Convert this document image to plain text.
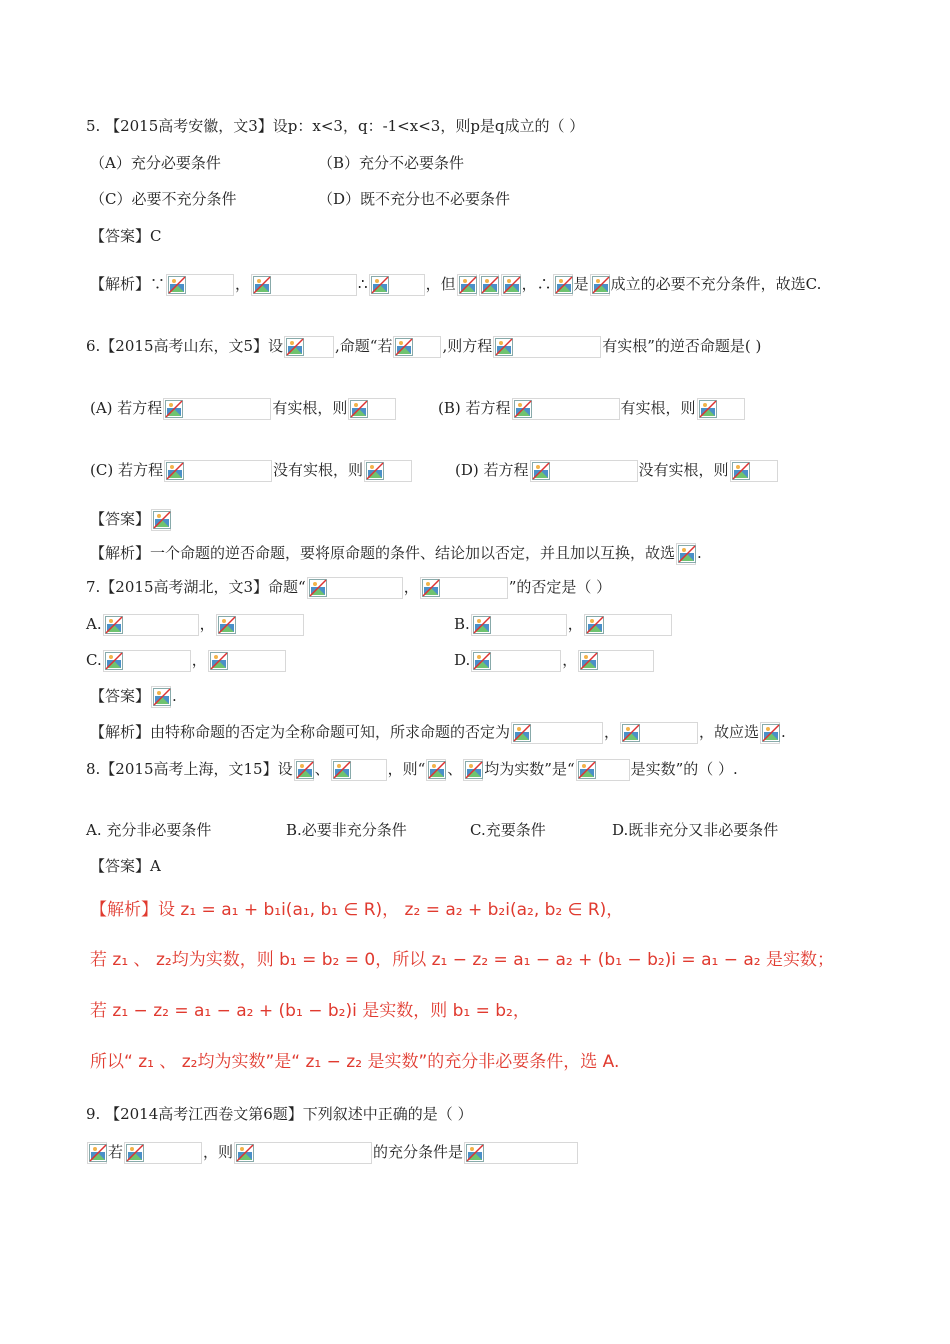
5. 【2015高考安徽，文3】设p：x<3，q：-1<x<3，则p是q成立的（ ）
（A）充分必要条件	（B）充分不必要条件
（C）必要不充分条件	（D）既不充分也不必要条件
【答案】C
【解析】∵	，	∴	，但	，∴ 是 成立的必要不充分条件，故选C.
6.【2015高考山东，文5】设	,命题“若	,则方程	有实根”的逆否命题是( )
(A) 若方程	有实根，则	(B) 若方程	有实根，则
(C) 若方程	没有实根，则	(D) 若方程	没有实根，则
【答案】
【解析】一个命题的逆否命题，要将原命题的条件、结论加以否定，并且加以互换，故选 .
7.【2015高考湖北，文3】命题“	，	”的否定是（ ）
A.	，	B.	，
C.	，	D.	，
【答案】 .
【解析】由特称命题的否定为全称命题可知，所求命题的否定为	，	，故应选 .
8.【2015高考上海，文15】设 、	，则“ 、 均为实数”是“	是实数”的（ ）.
A. 充分非必要条件	B.必要非充分条件	C.充要条件	D.既非充分又非必要条件
【答案】A
【解析】设 z₁ = a₁ + b₁i(a₁, b₁ ∈ R)， z₂ = a₂ + b₂i(a₂, b₂ ∈ R)，
若 z₁ 、 z₂均为实数，则 b₁ = b₂ = 0，所以 z₁ − z₂ = a₁ − a₂ + (b₁ − b₂)i = a₁ − a₂ 是实数；
若 z₁ − z₂ = a₁ − a₂ + (b₁ − b₂)i 是实数，则 b₁ = b₂，
所以“ z₁ 、 z₂均为实数”是“ z₁ − z₂ 是实数”的充分非必要条件，选 A.
9. 【2014高考江西卷文第6题】下列叙述中正确的是（ ）
若	，则	的充分条件是
